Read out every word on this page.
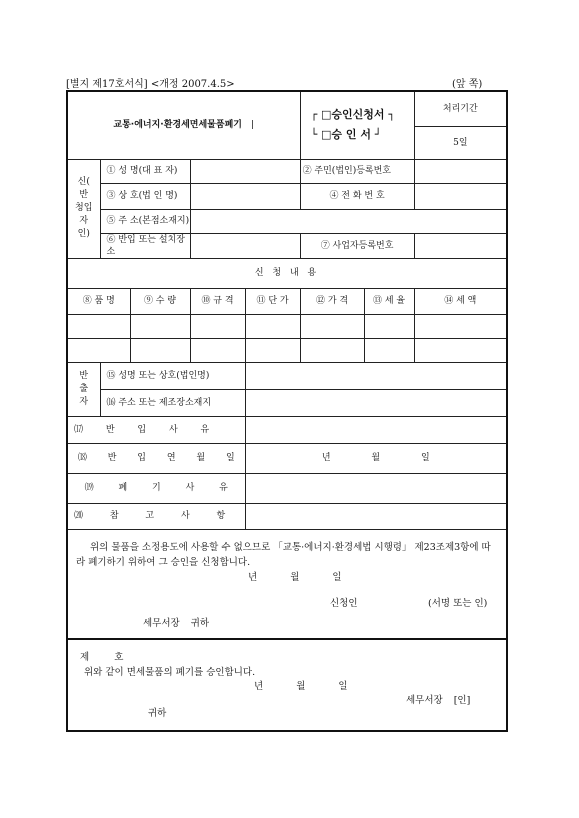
[별지 제17호서식] <개정 2007.4.5>	(앞 쪽)
교통·에너지·환경세면세물품폐기 |					┌ □승인신청서 ┐
└ □승 인 서 ┘		처리기간
							5일
신(
반
청입
자
인)	① 성 명(대 표 자)				② 주민(법인)등록번호		
	③ 상 호(법 인 명)				④ 전 화 번 호		
	⑤ 주 소(본점소재지)						
	⑥ 반입 또는 설치장소				⑦ 사업자등록번호		
신 청 내 용							
⑧ 품 명		⑨ 수 량	⑩ 규 격	⑪ 단 가	⑫ 가 격	⑬ 세 율	⑭ 세 액

반
출
자	⑮ 성명 또는 상호(법인명)						
	⒃ 주소 또는 제조장소재지						
⒄ 반 입 사 유							
⒅ 반 입 연 월 일				년 월 일			
⒆ 폐 기 사 유							
⒇ 참 고 사 항							

위의 물품을 소정용도에 사용할 수 없으므로 「교통·에너지·환경세법 시행령」 제23조제3항에 따라 폐기하기 위하여 그 승인을 신청합니다.
년 월 일
신청인 (서명 또는 인)
세무서장 귀하							

제 호
위와 같이 면세물품의 폐기를 승인합니다.
년 월 일
세무서장 [인]
귀하							
